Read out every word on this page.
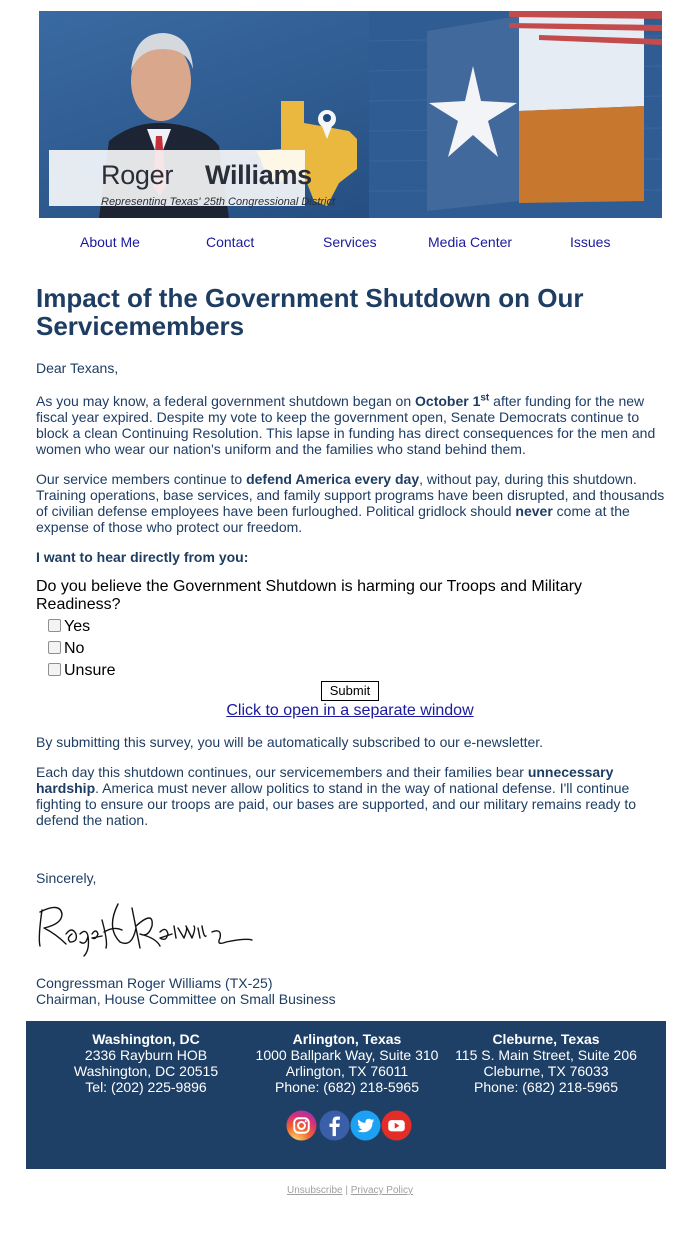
Roger Williams
Representing Texas' 25th Congressional District
About Me	Contact	Services	Media Center	Issues
Impact of the Government Shutdown on Our Servicemembers

Dear Texans,

As you may know, a federal government shutdown began on October 1st after funding for the new fiscal year expired. Despite my vote to keep the government open, Senate Democrats continue to block a clean Continuing Resolution. This lapse in funding has direct consequences for the men and women who wear our nation's uniform and the families who stand behind them.

Our service members continue to defend America every day, without pay, during this shutdown. Training operations, base services, and family support programs have been disrupted, and thousands of civilian defense employees have been furloughed. Political gridlock should never come at the expense of those who protect our freedom.

I want to hear directly from you:

Do you believe the Government Shutdown is harming our Troops and Military Readiness?

Yes
No
Unsure
Submit
Click to open in a separate window

By submitting this survey, you will be automatically subscribed to our e-newsletter.

Each day this shutdown continues, our servicemembers and their families bear unnecessary hardship. America must never allow politics to stand in the way of national defense. I'll continue fighting to ensure our troops are paid, our bases are supported, and our military remains ready to defend the nation.

Sincerely,

Congressman Roger Williams (TX-25)

Chairman, House Committee on Small Business

Washington, DC
2336 Rayburn HOB
Washington, DC 20515
Tel: (202) 225-9896
Arlington, Texas
1000 Ballpark Way, Suite 310
Arlington, TX 76011
Phone: (682) 218-5965
Cleburne, Texas
115 S. Main Street, Suite 206
Cleburne, TX 76033
Phone: (682) 218-5965
Unsubscribe | Privacy Policy
